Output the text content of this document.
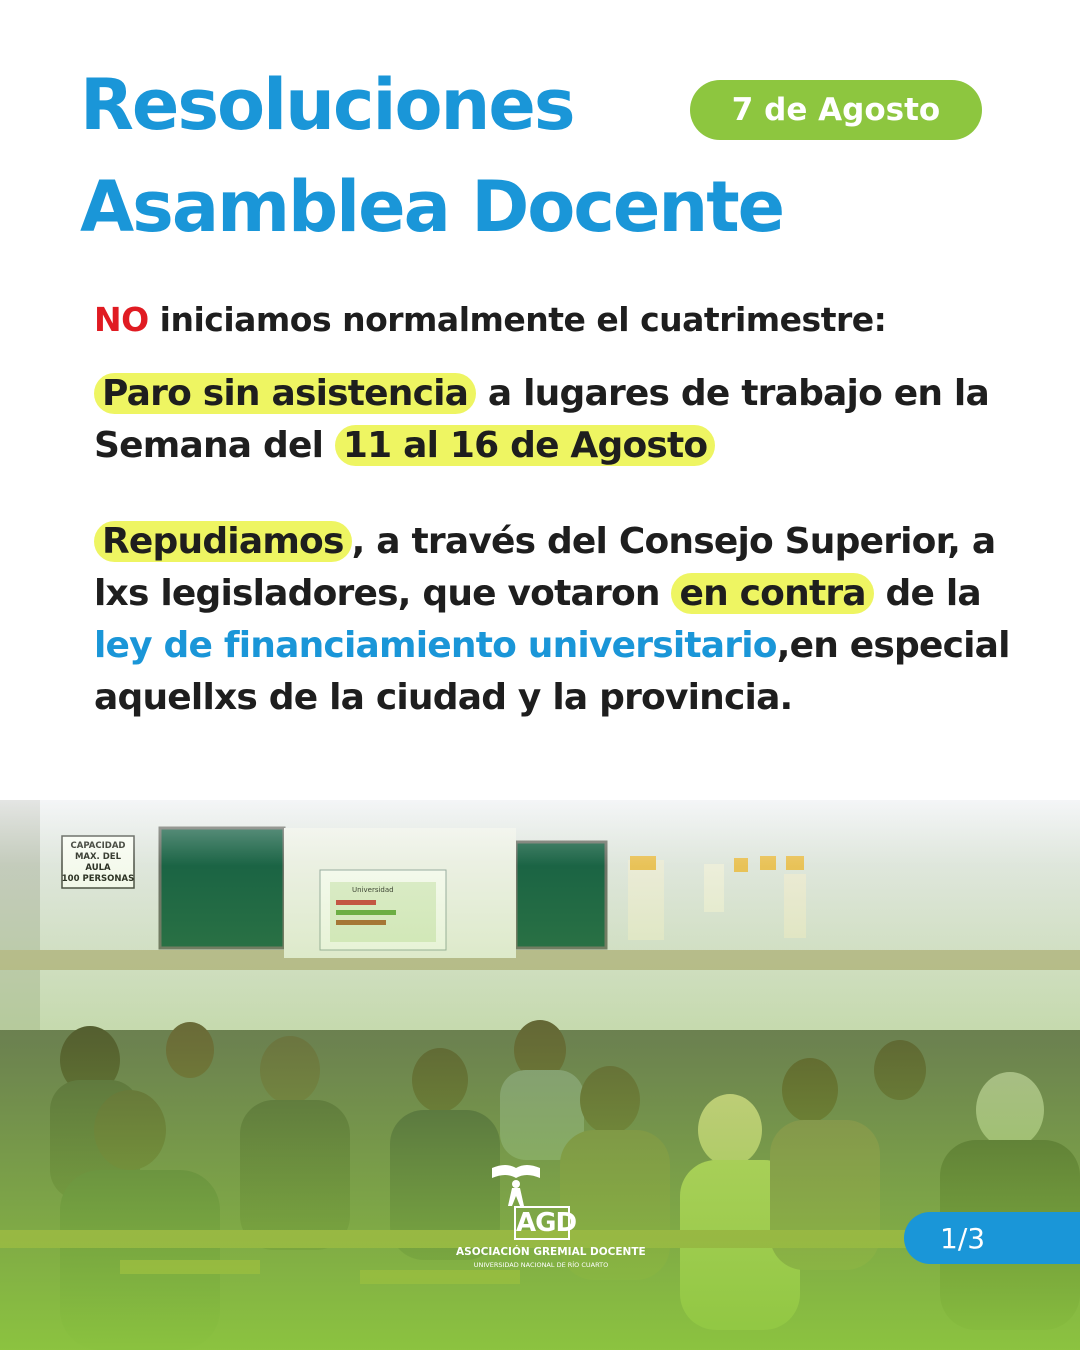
Resoluciones
Asamblea Docente
7 de Agosto

NO iniciamos normalmente el cuatrimestre:

Paro sin asistencia a lugares de trabajo en la Semana del 11 al 16 de Agosto

Repudiamos , a través del Consejo Superior, a lxs legisladores, que votaron en contra de la ley de financiamiento universitario,en especial aquellxs de la ciudad y la provincia.

AGD
ASOCIACIÓN GREMIAL DOCENTE
UNIVERSIDAD NACIONAL DE RÍO CUARTO
1/3
